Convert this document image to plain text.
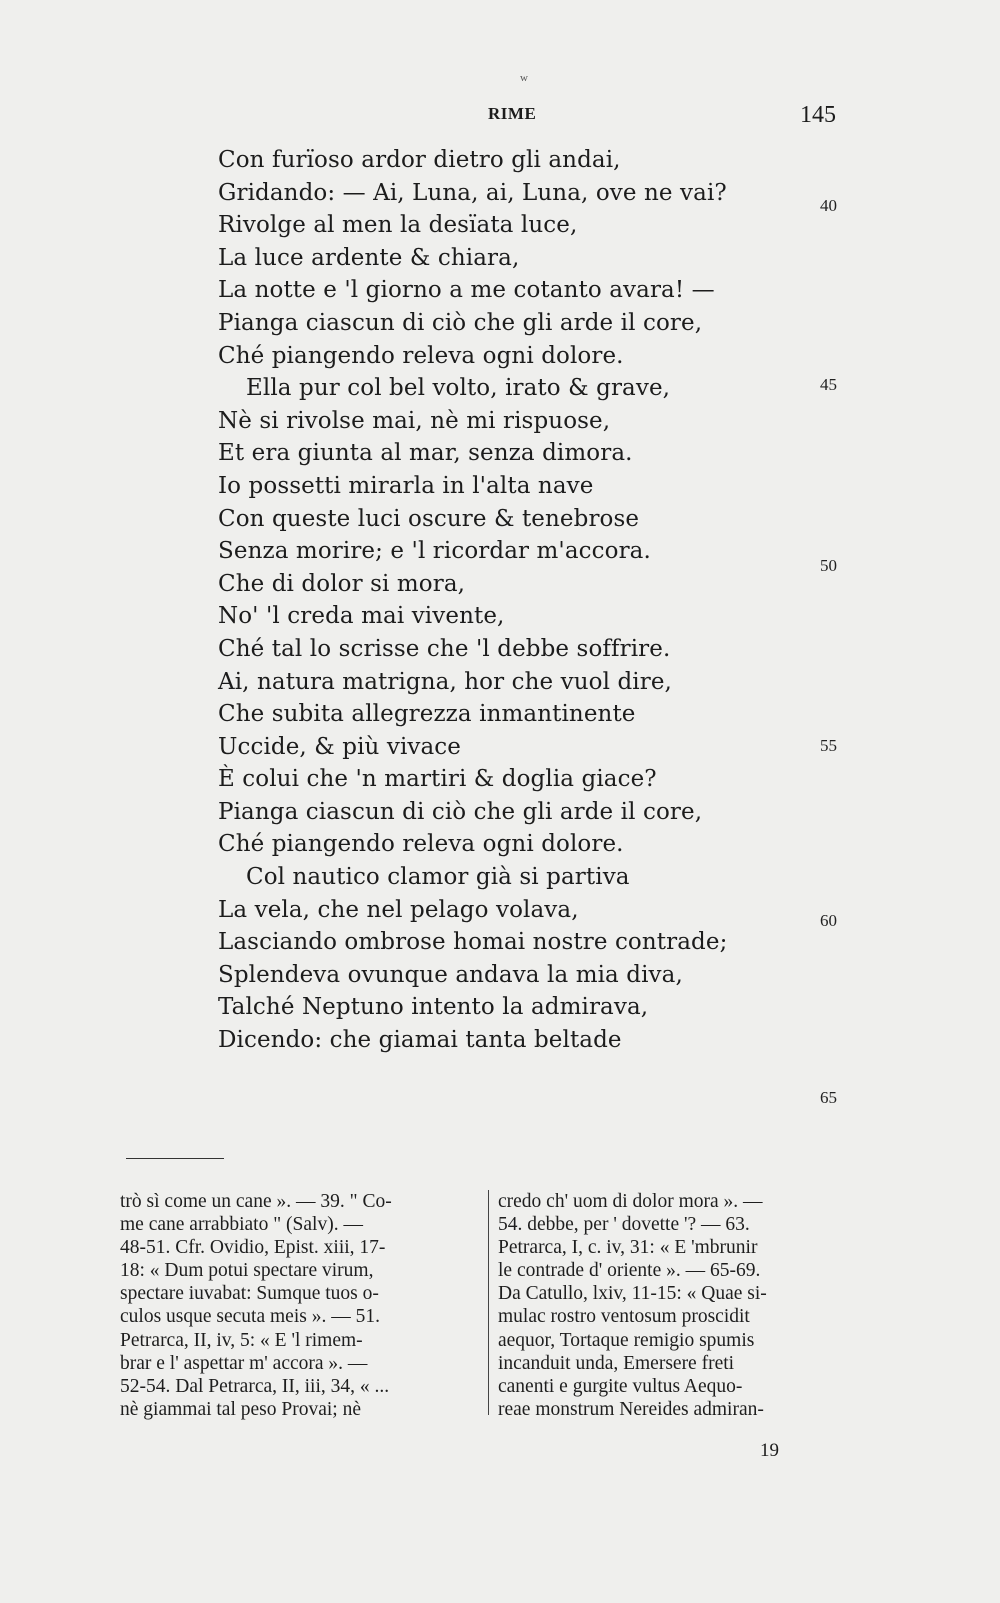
w
RIME	145
Con furïoso ardor dietro gli andai,
Gridando: — Ai, Luna, ai, Luna, ove ne vai?
Rivolge al men la desïata luce,
La luce ardente & chiara,
La notte e 'l giorno a me cotanto avara! —
Pianga ciascun di ciò che gli arde il core,
Ché piangendo releva ogni dolore.
Ella pur col bel volto, irato & grave,
Nè si rivolse mai, nè mi rispuose,
Et era giunta al mar, senza dimora.
Io possetti mirarla in l'alta nave
Con queste luci oscure & tenebrose
Senza morire; e 'l ricordar m'accora.
Che di dolor si mora,
No' 'l creda mai vivente,
Ché tal lo scrisse che 'l debbe soffrire.
Ai, natura matrigna, hor che vuol dire,
Che subita allegrezza inmantinente
Uccide, & più vivace
È colui che 'n martiri & doglia giace?
Pianga ciascun di ciò che gli arde il core,
Ché piangendo releva ogni dolore.
Col nautico clamor già si partiva
La vela, che nel pelago volava,
Lasciando ombrose homai nostre contrade;
Splendeva ovunque andava la mia diva,
Talché Neptuno intento la admirava,
Dicendo: che giamai tanta beltade
40
45
50
55
60
65
trò sì come un cane ». — 39. " Co-
me cane arrabbiato " (Salv). —
48-51. Cfr. Ovidio, Epist. xiii, 17-
18: « Dum potui spectare virum,
spectare iuvabat: Sumque tuos o-
culos usque secuta meis ». — 51.
Petrarca, II, iv, 5: « E 'l rimem-
brar e l' aspettar m' accora ». —
52-54. Dal Petrarca, II, iii, 34, « ...
nè giammai tal peso Provai; nè
credo ch' uom di dolor mora ». —
54. debbe, per ' dovette '? — 63.
Petrarca, I, c. iv, 31: « E 'mbrunir
le contrade d' oriente ». — 65-69.
Da Catullo, lxiv, 11-15: « Quae si-
mulac rostro ventosum proscidit
aequor, Tortaque remigio spumis
incanduit unda, Emersere freti
canenti e gurgite vultus Aequo-
reae monstrum Nereides admiran-
19
